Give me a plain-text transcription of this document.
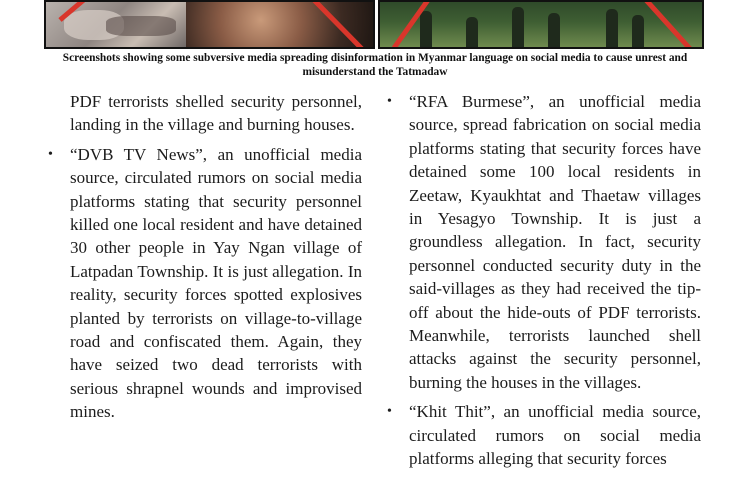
Screenshots showing some subversive media spreading disinformation in Myanmar language on social media to cause unrest and misunderstand the Tatmadaw

PDF terrorists shelled security personnel, landing in the village and burning houses.

• “DVB TV News”, an unofficial media source, circulated rumors on social media platforms stating that security personnel killed one local resident and have detained 30 other people in Yay Ngan village of Latpadan Township. It is just allegation. In reality, security forces spotted explosives planted by terrorists on village-to-village road and confiscated them. Again, they have seized two dead terrorists with serious shrapnel wounds and improvised mines.
• “RFA Burmese”, an unofficial media source, spread fabrication on social media platforms stating that security forces have detained some 100 local residents in Zeetaw, Kyaukhtat and Thaetaw villages in Yesagyo Township. It is just a groundless allegation. In fact, security personnel conducted security duty in the said-villages as they had received the tip-off about the hide-outs of PDF terrorists. Meanwhile, terrorists launched shell attacks against the security personnel, burning the houses in the villages.
• “Khit Thit”, an unofficial media source, circulated rumors on social media platforms alleging that security forces
